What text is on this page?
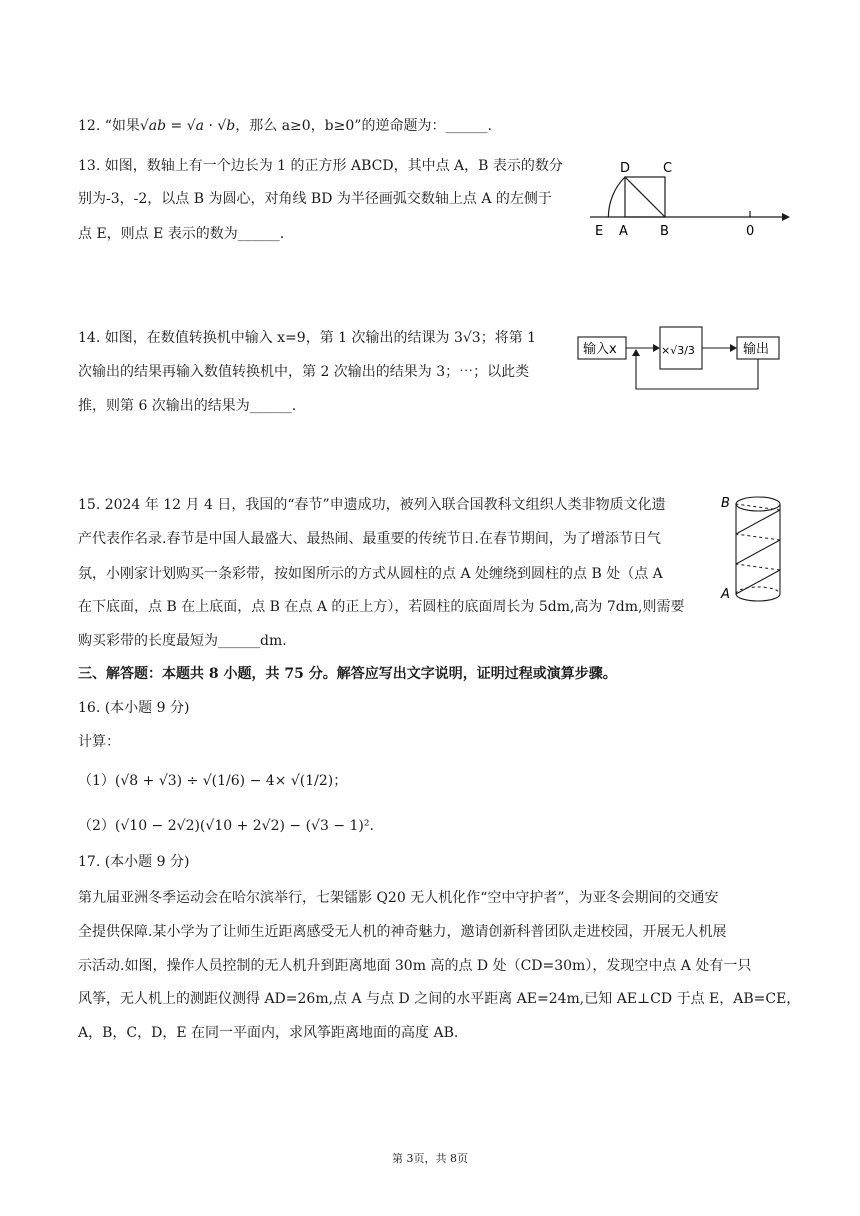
12. “如果√ab = √a · √b，那么 a≥0，b≥0”的逆命题为：______.
13. 如图，数轴上有一个边长为 1 的正方形 ABCD，其中点 A，B 表示的数分
别为-3，-2，以点 B 为圆心，对角线 BD 为半径画弧交数轴上点 A 的左侧于
点 E，则点 E 表示的数为______.
D	C
E A B	0
14. 如图，在数值转换机中输入 x=9，第 1 次输出的结课为 3√3；将第 1
次输出的结果再输入数值转换机中，第 2 次输出的结果为 3；⋯；以此类
推，则第 6 次输出的结果为______.
输入x	×√3/3	输出
15. 2024 年 12 月 4 日，我国的“春节”申遗成功，被列入联合国教科文组织人类非物质文化遗
产代表作名录.春节是中国人最盛大、最热闹、最重要的传统节日.在春节期间，为了增添节日气
氛，小刚家计划购买一条彩带，按如图所示的方式从圆柱的点 A 处缠绕到圆柱的点 B 处（点 A
在下底面，点 B 在上底面，点 B 在点 A 的正上方），若圆柱的底面周长为 5dm,高为 7dm,则需要
购买彩带的长度最短为______dm.
B
A
三、解答题：本题共 8 小题，共 75 分。解答应写出文字说明，证明过程或演算步骤。
16. (本小题 9 分)
计算：
（1）(√8 + √3) ÷ √(1/6) − 4× √(1/2)；
（2）(√10 − 2√2)(√10 + 2√2) − (√3 − 1)².
17. (本小题 9 分)
第九届亚洲冬季运动会在哈尔滨举行，七架镭影 Q20 无人机化作“空中守护者”，为亚冬会期间的交通安
全提供保障.某小学为了让师生近距离感受无人机的神奇魅力，邀请创新科普团队走进校园，开展无人机展
示活动.如图，操作人员控制的无人机升到距离地面 30m 高的点 D 处（CD=30m），发现空中点 A 处有一只
风筝，无人机上的测距仪测得 AD=26m,点 A 与点 D 之间的水平距离 AE=24m,已知 AE⊥CD 于点 E，AB=CE，
A，B，C，D，E 在同一平面内，求风筝距离地面的高度 AB.
第 3页，共 8页
